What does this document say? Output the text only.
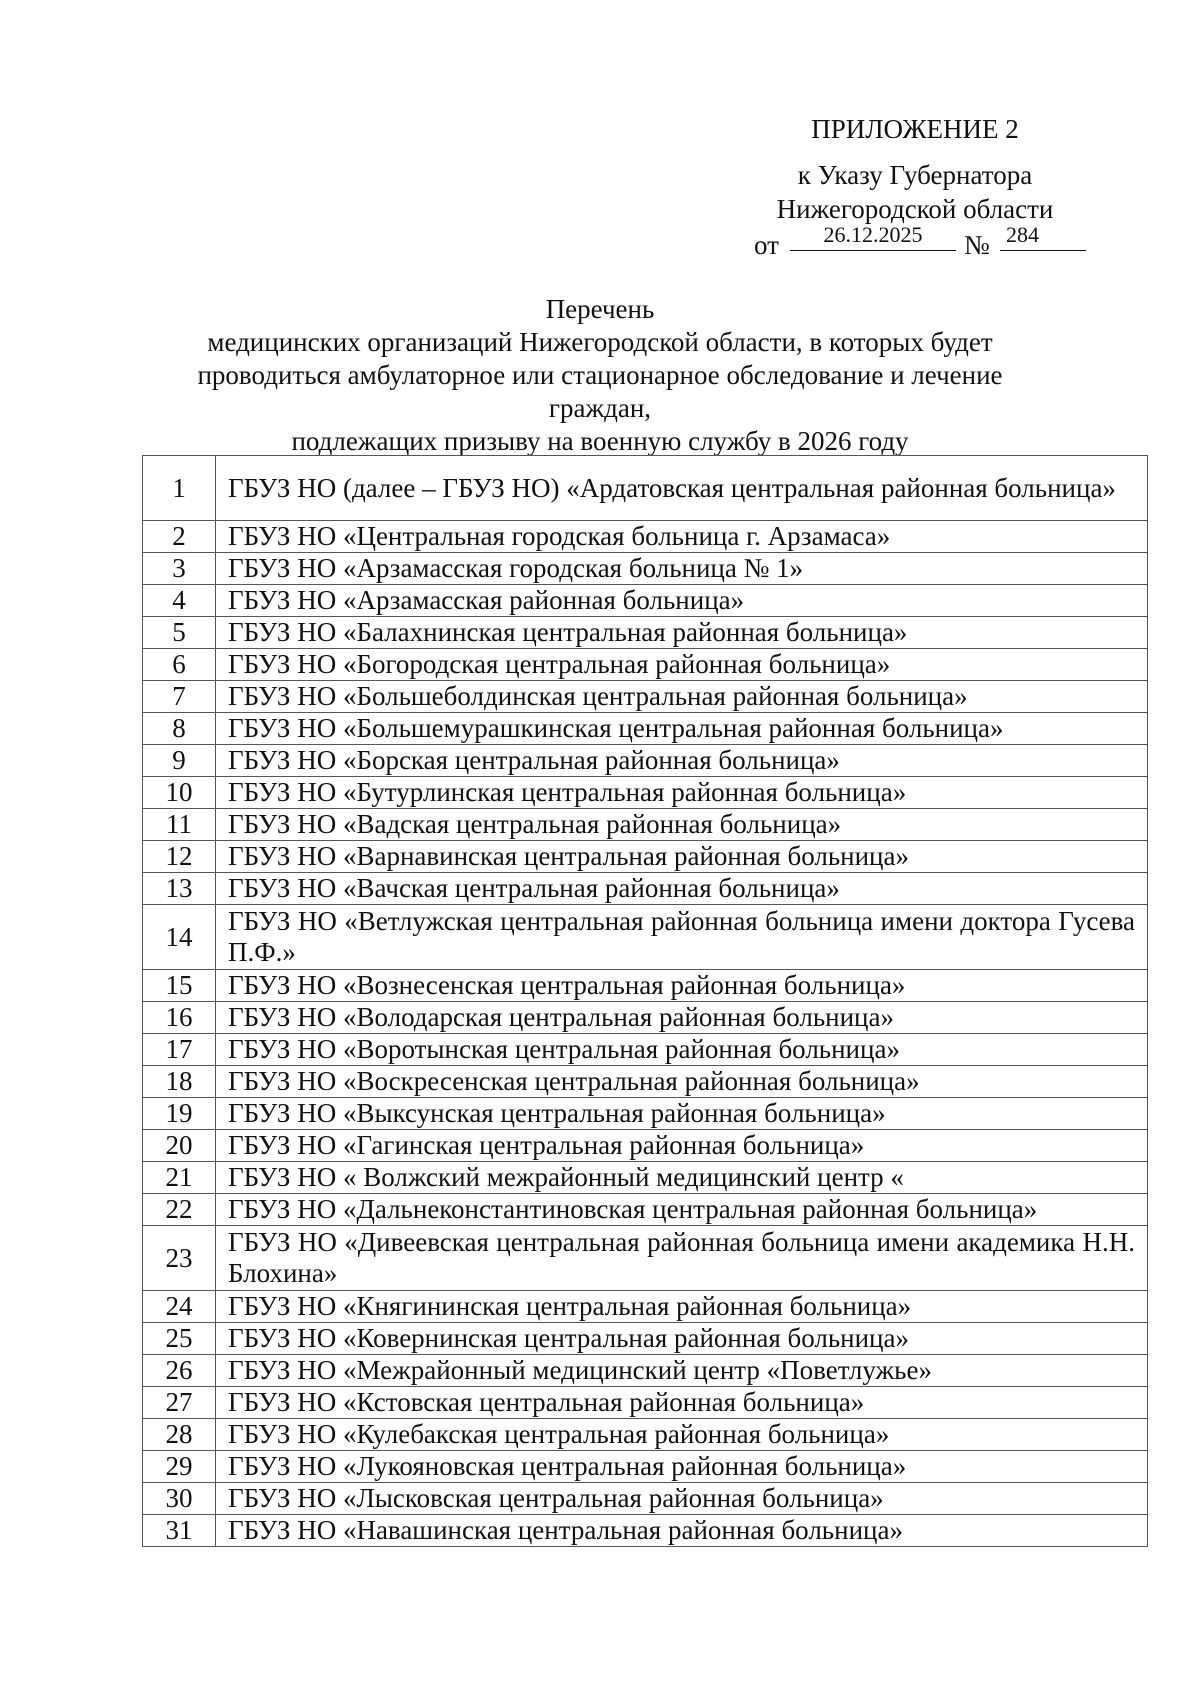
ПРИЛОЖЕНИЕ 2
к Указу Губернатора
Нижегородской области
от	26.12.2025	№ 284
Перечень
медицинских организаций Нижегородской области, в которых будет
проводиться амбулаторное или стационарное обследование и лечение граждан,
подлежащих призыву на военную службу в 2026 году
1	ГБУЗ НО (далее – ГБУЗ НО) «Ардатовская центральная районная больница»
2	ГБУЗ НО «Центральная городская больница г. Арзамаса»
3	ГБУЗ НО «Арзамасская городская больница № 1»
4	ГБУЗ НО «Арзамасская районная больница»
5	ГБУЗ НО «Балахнинская центральная районная больница»
6	ГБУЗ НО «Богородская центральная районная больница»
7	ГБУЗ НО «Большеболдинская центральная районная больница»
8	ГБУЗ НО «Большемурашкинская центральная районная больница»
9	ГБУЗ НО «Борская центральная районная больница»
10	ГБУЗ НО «Бутурлинская центральная районная больница»
11	ГБУЗ НО «Вадская центральная районная больница»
12	ГБУЗ НО «Варнавинская центральная районная больница»
13	ГБУЗ НО «Вачская центральная районная больница»
14	ГБУЗ НО «Ветлужская центральная районная больница имени доктора Гусева П.Ф.»
15	ГБУЗ НО «Вознесенская центральная районная больница»
16	ГБУЗ НО «Володарская центральная районная больница»
17	ГБУЗ НО «Воротынская центральная районная больница»
18	ГБУЗ НО «Воскресенская центральная районная больница»
19	ГБУЗ НО «Выксунская центральная районная больница»
20	ГБУЗ НО «Гагинская центральная районная больница»
21	ГБУЗ НО « Волжский межрайонный медицинский центр «
22	ГБУЗ НО «Дальнеконстантиновская центральная районная больница»
23	ГБУЗ НО «Дивеевская центральная районная больница имени академика Н.Н. Блохина»
24	ГБУЗ НО «Княгининская центральная районная больница»
25	ГБУЗ НО «Ковернинская центральная районная больница»
26	ГБУЗ НО «Межрайонный медицинский центр «Поветлужье»
27	ГБУЗ НО «Кстовская центральная районная больница»
28	ГБУЗ НО «Кулебакская центральная районная больница»
29	ГБУЗ НО «Лукояновская центральная районная больница»
30	ГБУЗ НО «Лысковская центральная районная больница»
31	ГБУЗ НО «Навашинская центральная районная больница»
